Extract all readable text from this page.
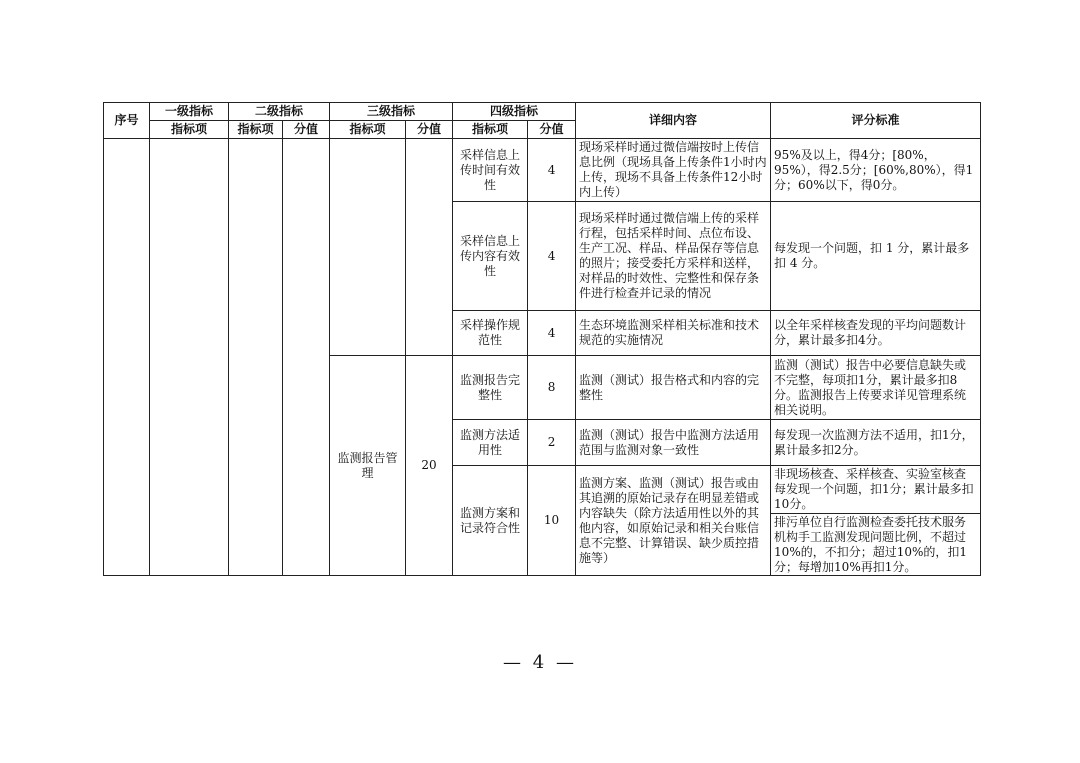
序号	一级指标	二级指标		三级指标		四级指标		详细内容	评分标准
	指标项	指标项	分值	指标项	分值	指标项	分值		
						采样信息上传时间有效性	4	现场采样时通过微信端按时上传信息比例（现场具备上传条件1小时内上传，现场不具备上传条件12小时内上传）	95%及以上，得4分；[80%，95%），得2.5分；[60%,80%），得1分；60%以下，得0分。
						采样信息上传内容有效性	4	现场采样时通过微信端上传的采样行程，包括采样时间、点位布设、生产工况、样品、样品保存等信息的照片；接受委托方采样和送样，对样品的时效性、完整性和保存条件进行检查并记录的情况	每发现一个问题，扣 1 分，累计最多扣 4 分。
						采样操作规范性	4	生态环境监测采样相关标准和技术规范的实施情况	以全年采样核查发现的平均问题数计分，累计最多扣4分。
				监测报告管理	20	监测报告完整性	8	监测（测试）报告格式和内容的完整性	监测（测试）报告中必要信息缺失或不完整，每项扣1分，累计最多扣8分。监测报告上传要求详见管理系统相关说明。
						监测方法适用性	2	监测（测试）报告中监测方法适用范围与监测对象一致性	每发现一次监测方法不适用，扣1分，累计最多扣2分。
						监测方案和记录符合性	10	监测方案、监测（测试）报告或由其追溯的原始记录存在明显差错或内容缺失（除方法适用性以外的其他内容，如原始记录和相关台账信息不完整、计算错误、缺少质控措施等）	非现场核查、采样核查、实验室核查每发现一个问题，扣1分；累计最多扣10分。
									排污单位自行监测检查委托技术服务机构手工监测发现问题比例，不超过10%的，不扣分；超过10%的，扣1分；每增加10%再扣1分。
— 4 —
